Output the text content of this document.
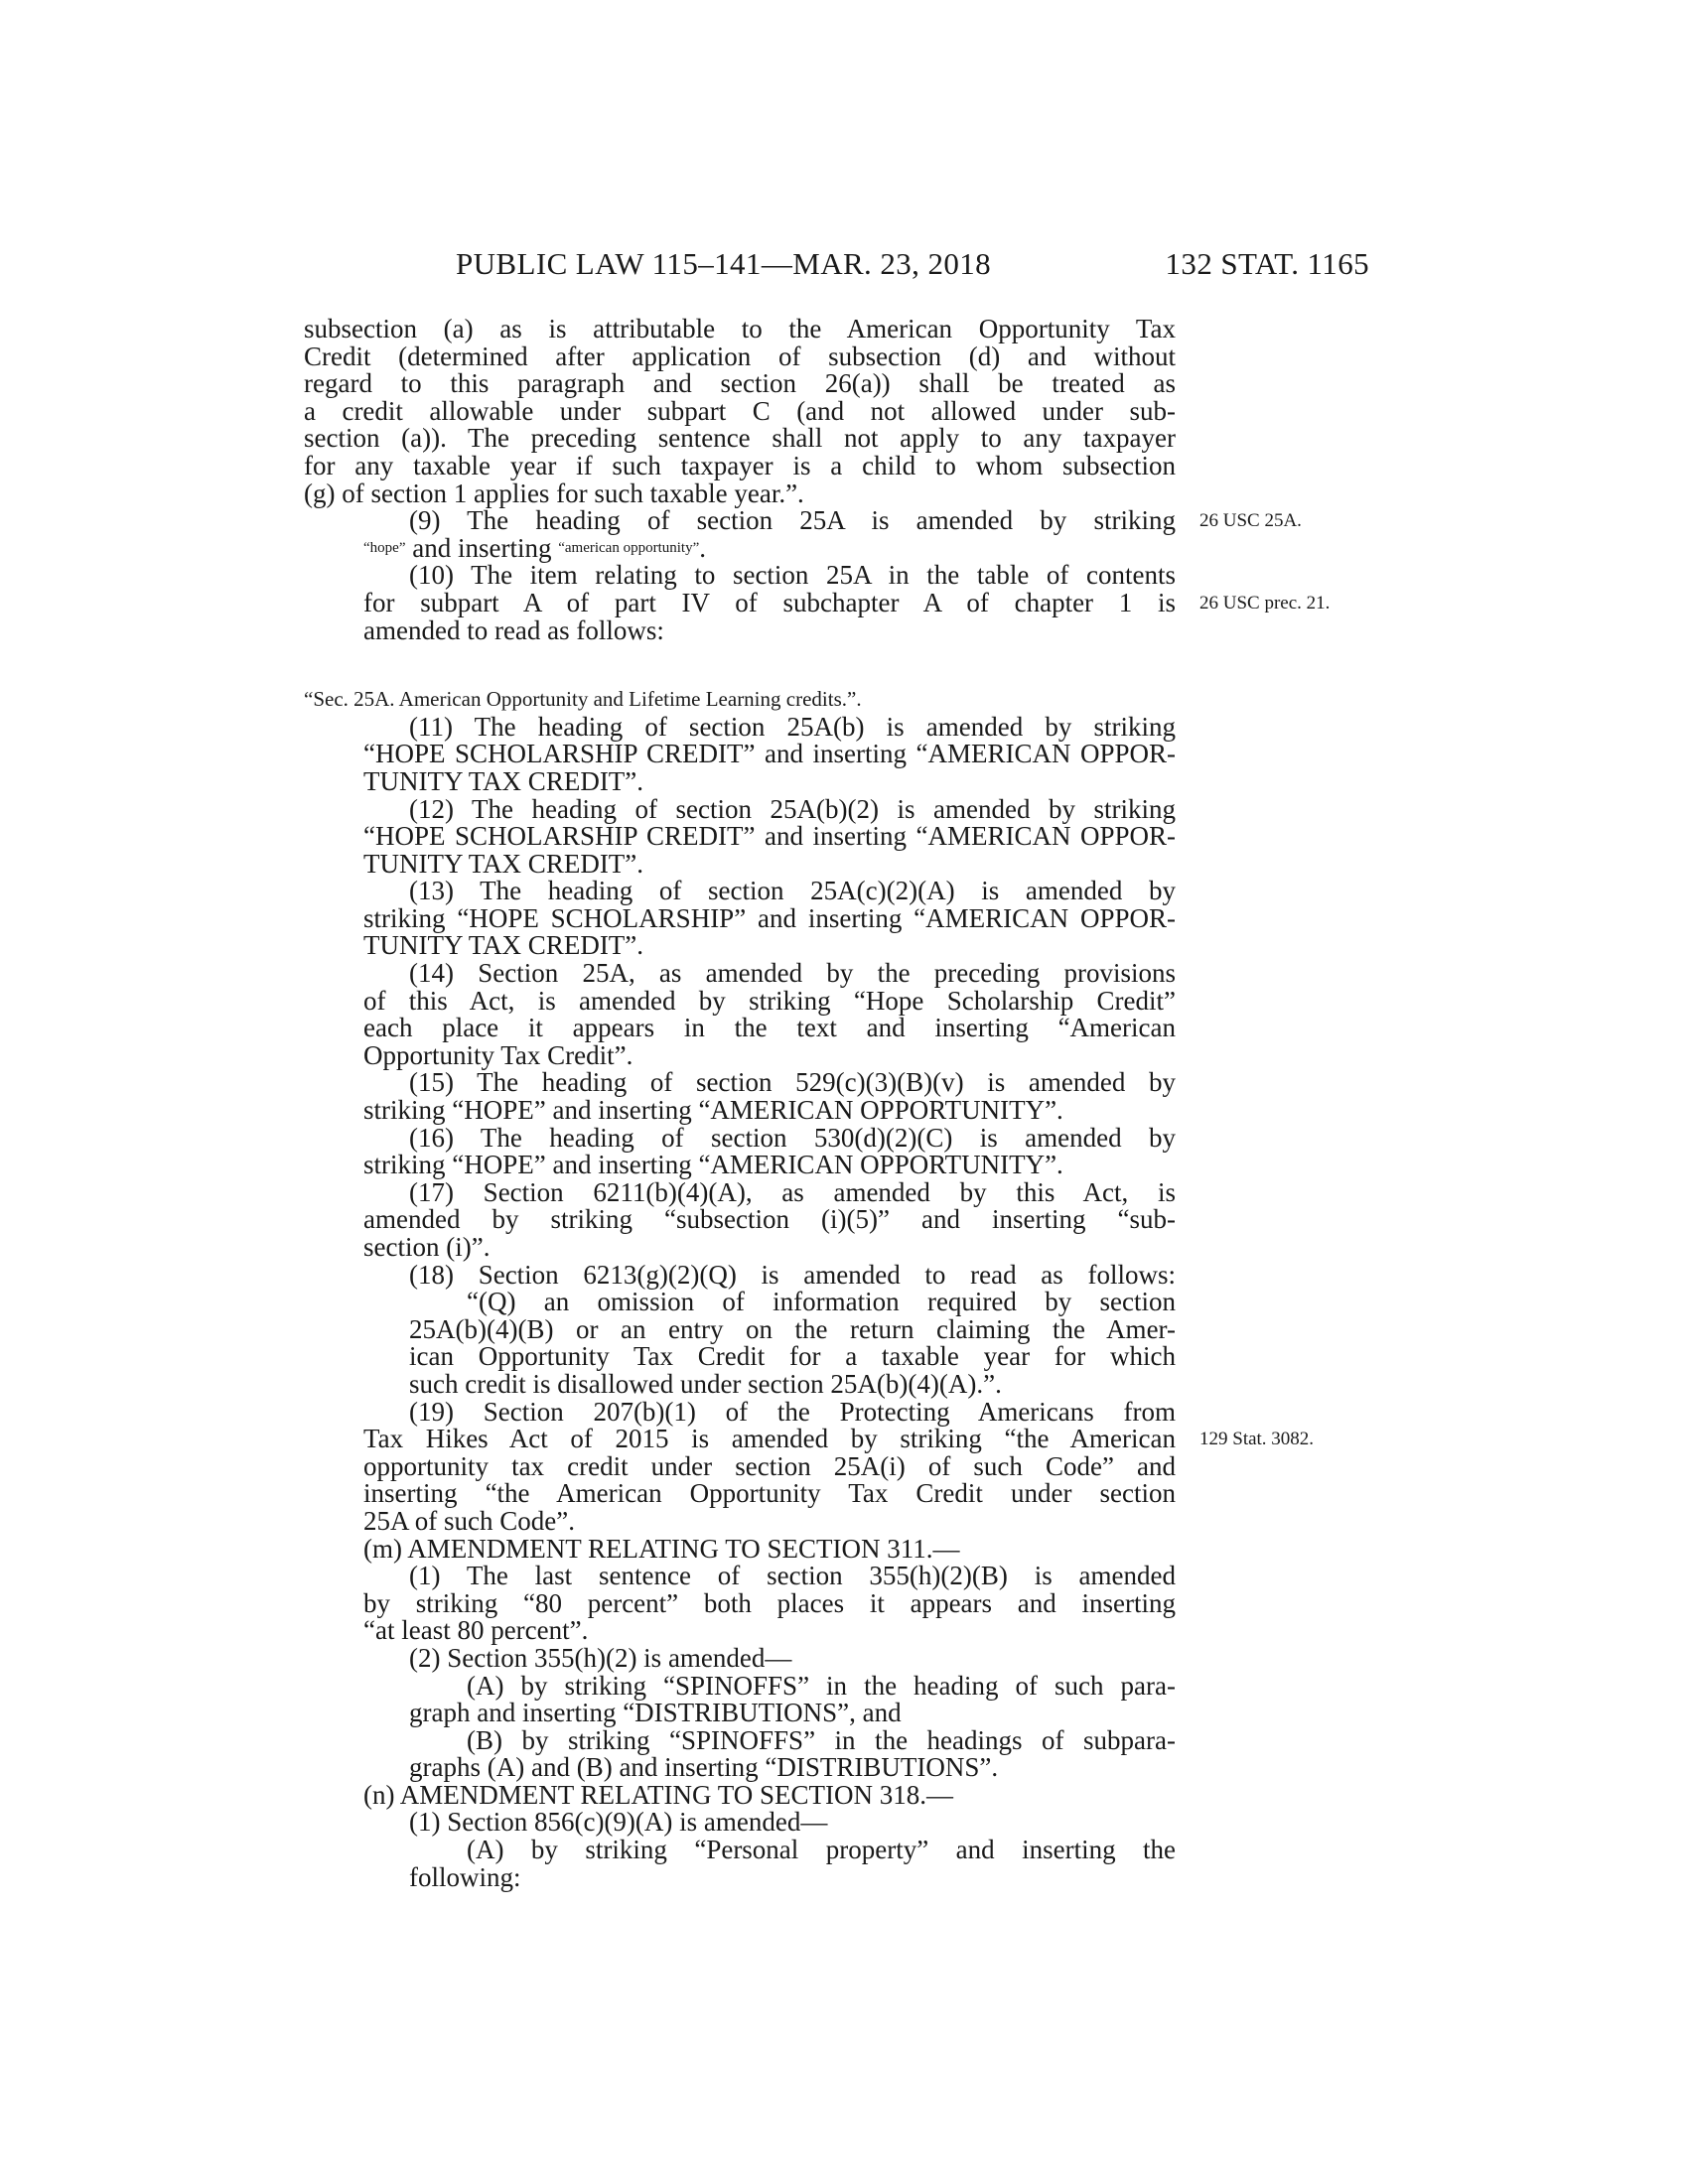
PUBLIC LAW 115–141—MAR. 23, 2018	132 STAT. 1165
subsection (a) as is attributable to the American Opportunity Tax
Credit (determined after application of subsection (d) and without
regard to this paragraph and section 26(a)) shall be treated as
a credit allowable under subpart C (and not allowed under sub-
section (a)). The preceding sentence shall not apply to any taxpayer
for any taxable year if such taxpayer is a child to whom subsection
(g) of section 1 applies for such taxable year.”.
(9) The heading of section 25A is amended by striking 26 USC 25A.
“hope” and inserting “american opportunity”.
(10) The item relating to section 25A in the table of contents
for subpart A of part IV of subchapter A of chapter 1 is 26 USC prec. 21.
amended to read as follows:
“Sec. 25A. American Opportunity and Lifetime Learning credits.”.
(11) The heading of section 25A(b) is amended by striking
“HOPE SCHOLARSHIP CREDIT” and inserting “AMERICAN OPPOR-
TUNITY TAX CREDIT”.
(12) The heading of section 25A(b)(2) is amended by striking
“HOPE SCHOLARSHIP CREDIT” and inserting “AMERICAN OPPOR-
TUNITY TAX CREDIT”.
(13) The heading of section 25A(c)(2)(A) is amended by
striking “HOPE SCHOLARSHIP” and inserting “AMERICAN OPPOR-
TUNITY TAX CREDIT”.
(14) Section 25A, as amended by the preceding provisions
of this Act, is amended by striking “Hope Scholarship Credit”
each place it appears in the text and inserting “American
Opportunity Tax Credit”.
(15) The heading of section 529(c)(3)(B)(v) is amended by
striking “HOPE” and inserting “AMERICAN OPPORTUNITY”.
(16) The heading of section 530(d)(2)(C) is amended by
striking “HOPE” and inserting “AMERICAN OPPORTUNITY”.
(17) Section 6211(b)(4)(A), as amended by this Act, is
amended by striking “subsection (i)(5)” and inserting “sub-
section (i)”.
(18) Section 6213(g)(2)(Q) is amended to read as follows:
“(Q) an omission of information required by section
25A(b)(4)(B) or an entry on the return claiming the Amer-
ican Opportunity Tax Credit for a taxable year for which
such credit is disallowed under section 25A(b)(4)(A).”.
(19) Section 207(b)(1) of the Protecting Americans from
Tax Hikes Act of 2015 is amended by striking “the American 129 Stat. 3082.
opportunity tax credit under section 25A(i) of such Code” and
inserting “the American Opportunity Tax Credit under section
25A of such Code”.
(m) AMENDMENT RELATING TO SECTION 311.—
(1) The last sentence of section 355(h)(2)(B) is amended
by striking “80 percent” both places it appears and inserting
“at least 80 percent”.
(2) Section 355(h)(2) is amended—
(A) by striking “SPINOFFS” in the heading of such para-
graph and inserting “DISTRIBUTIONS”, and
(B) by striking “SPINOFFS” in the headings of subpara-
graphs (A) and (B) and inserting “DISTRIBUTIONS”.
(n) AMENDMENT RELATING TO SECTION 318.—
(1) Section 856(c)(9)(A) is amended—
(A) by striking “Personal property” and inserting the
following:
